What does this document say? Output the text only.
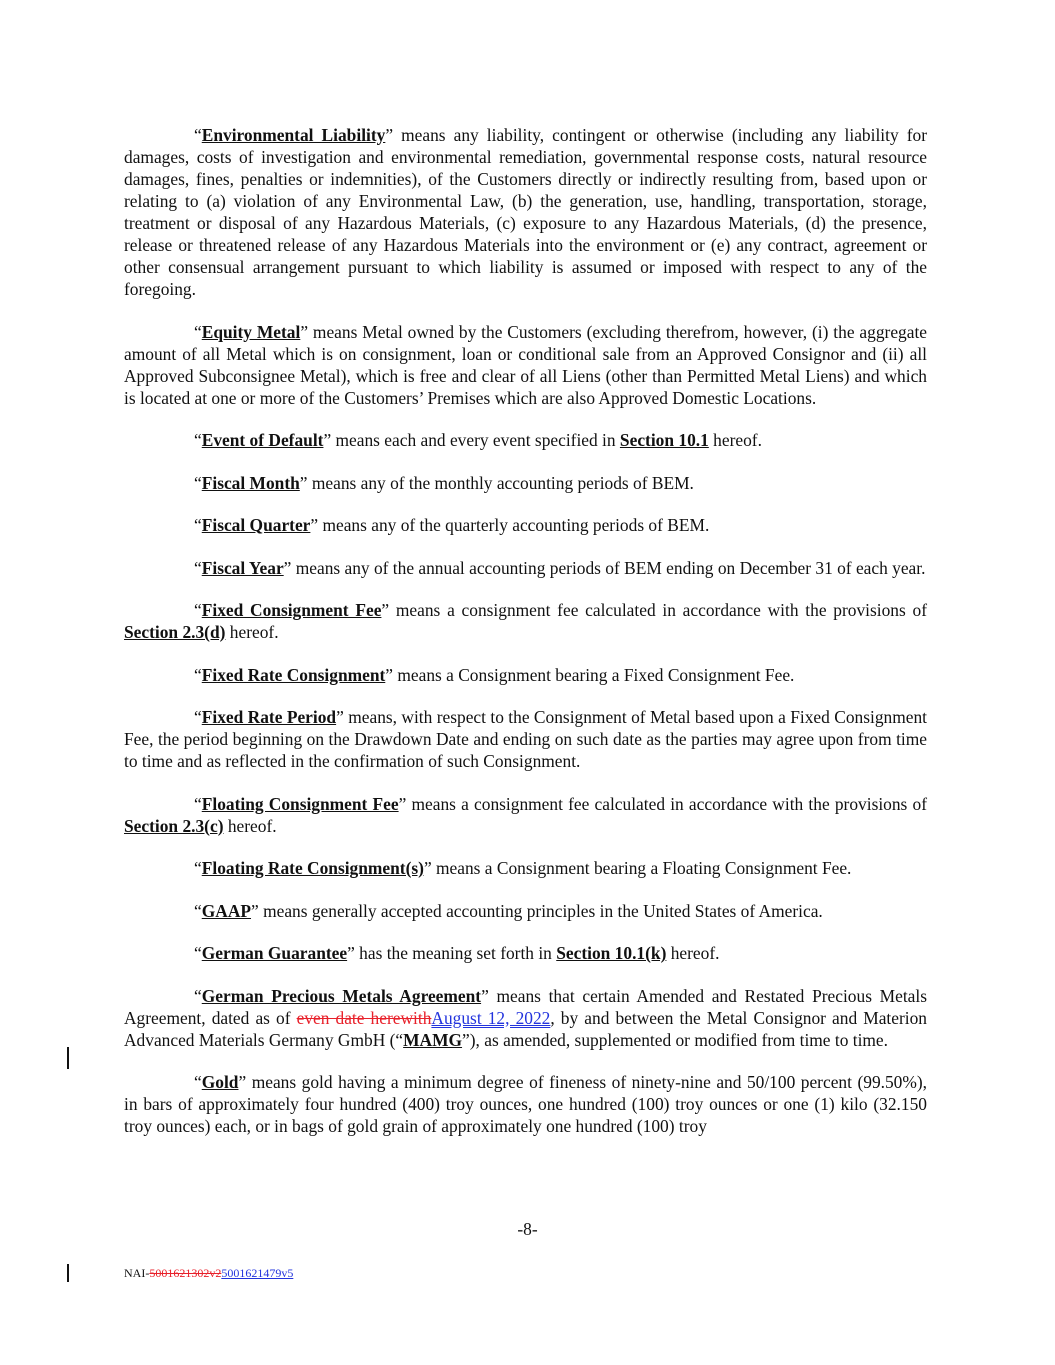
“Environmental Liability” means any liability, contingent or otherwise (including any liability for damages, costs of investigation and environmental remediation, governmental response costs, natural resource damages, fines, penalties or indemnities), of the Customers directly or indirectly resulting from, based upon or relating to (a) violation of any Environmental Law, (b) the generation, use, handling, transportation, storage, treatment or disposal of any Hazardous Materials, (c) exposure to any Hazardous Materials, (d) the presence, release or threatened release of any Hazardous Materials into the environment or (e) any contract, agreement or other consensual arrangement pursuant to which liability is assumed or imposed with respect to any of the foregoing.

“Equity Metal” means Metal owned by the Customers (excluding therefrom, however, (i) the aggregate amount of all Metal which is on consignment, loan or conditional sale from an Approved Consignor and (ii) all Approved Subconsignee Metal), which is free and clear of all Liens (other than Permitted Metal Liens) and which is located at one or more of the Customers’ Premises which are also Approved Domestic Locations.

“Event of Default” means each and every event specified in Section 10.1 hereof.

“Fiscal Month” means any of the monthly accounting periods of BEM.

“Fiscal Quarter” means any of the quarterly accounting periods of BEM.

“Fiscal Year” means any of the annual accounting periods of BEM ending on December 31 of each year.

“Fixed Consignment Fee” means a consignment fee calculated in accordance with the provisions of Section 2.3(d) hereof.

“Fixed Rate Consignment” means a Consignment bearing a Fixed Consignment Fee.

“Fixed Rate Period” means, with respect to the Consignment of Metal based upon a Fixed Consignment Fee, the period beginning on the Drawdown Date and ending on such date as the parties may agree upon from time to time and as reflected in the confirmation of such Consignment.

“Floating Consignment Fee” means a consignment fee calculated in accordance with the provisions of Section 2.3(c) hereof.

“Floating Rate Consignment(s)” means a Consignment bearing a Floating Consignment Fee.

“GAAP” means generally accepted accounting principles in the United States of America.

“German Guarantee” has the meaning set forth in Section 10.1(k) hereof.

“German Precious Metals Agreement” means that certain Amended and Restated Precious Metals Agreement, dated as of even date herewithAugust 12, 2022, by and between the Metal Consignor and Materion Advanced Materials Germany GmbH (“MAMG”), as amended, supplemented or modified from time to time.

“Gold” means gold having a minimum degree of fineness of ninety-nine and 50/100 percent (99.50%), in bars of approximately four hundred (400) troy ounces, one hundred (100) troy ounces or one (1) kilo (32.150 troy ounces) each, or in bags of gold grain of approximately one hundred (100) troy

-8-
NAI-5001621302v25001621479v5
